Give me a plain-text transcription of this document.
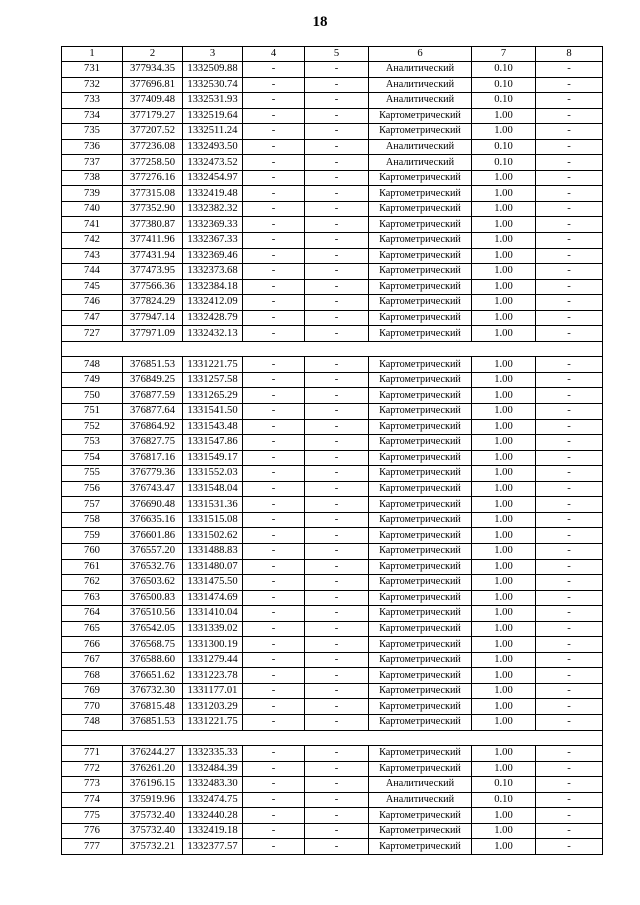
18
1	2	3	4	5	6	7	8
731	377934.35	1332509.88	-	-	Аналитический	0.10	-
732	377696.81	1332530.74	-	-	Аналитический	0.10	-
733	377409.48	1332531.93	-	-	Аналитический	0.10	-
734	377179.27	1332519.64	-	-	Картометрический	1.00	-
735	377207.52	1332511.24	-	-	Картометрический	1.00	-
736	377236.08	1332493.50	-	-	Аналитический	0.10	-
737	377258.50	1332473.52	-	-	Аналитический	0.10	-
738	377276.16	1332454.97	-	-	Картометрический	1.00	-
739	377315.08	1332419.48	-	-	Картометрический	1.00	-
740	377352.90	1332382.32	-	-	Картометрический	1.00	-
741	377380.87	1332369.33	-	-	Картометрический	1.00	-
742	377411.96	1332367.33	-	-	Картометрический	1.00	-
743	377431.94	1332369.46	-	-	Картометрический	1.00	-
744	377473.95	1332373.68	-	-	Картометрический	1.00	-
745	377566.36	1332384.18	-	-	Картометрический	1.00	-
746	377824.29	1332412.09	-	-	Картометрический	1.00	-
747	377947.14	1332428.79	-	-	Картометрический	1.00	-
727	377971.09	1332432.13	-	-	Картометрический	1.00	-

748	376851.53	1331221.75	-	-	Картометрический	1.00	-
749	376849.25	1331257.58	-	-	Картометрический	1.00	-
750	376877.59	1331265.29	-	-	Картометрический	1.00	-
751	376877.64	1331541.50	-	-	Картометрический	1.00	-
752	376864.92	1331543.48	-	-	Картометрический	1.00	-
753	376827.75	1331547.86	-	-	Картометрический	1.00	-
754	376817.16	1331549.17	-	-	Картометрический	1.00	-
755	376779.36	1331552.03	-	-	Картометрический	1.00	-
756	376743.47	1331548.04	-	-	Картометрический	1.00	-
757	376690.48	1331531.36	-	-	Картометрический	1.00	-
758	376635.16	1331515.08	-	-	Картометрический	1.00	-
759	376601.86	1331502.62	-	-	Картометрический	1.00	-
760	376557.20	1331488.83	-	-	Картометрический	1.00	-
761	376532.76	1331480.07	-	-	Картометрический	1.00	-
762	376503.62	1331475.50	-	-	Картометрический	1.00	-
763	376500.83	1331474.69	-	-	Картометрический	1.00	-
764	376510.56	1331410.04	-	-	Картометрический	1.00	-
765	376542.05	1331339.02	-	-	Картометрический	1.00	-
766	376568.75	1331300.19	-	-	Картометрический	1.00	-
767	376588.60	1331279.44	-	-	Картометрический	1.00	-
768	376651.62	1331223.78	-	-	Картометрический	1.00	-
769	376732.30	1331177.01	-	-	Картометрический	1.00	-
770	376815.48	1331203.29	-	-	Картометрический	1.00	-
748	376851.53	1331221.75	-	-	Картометрический	1.00	-

771	376244.27	1332335.33	-	-	Картометрический	1.00	-
772	376261.20	1332484.39	-	-	Картометрический	1.00	-
773	376196.15	1332483.30	-	-	Аналитический	0.10	-
774	375919.96	1332474.75	-	-	Аналитический	0.10	-
775	375732.40	1332440.28	-	-	Картометрический	1.00	-
776	375732.40	1332419.18	-	-	Картометрический	1.00	-
777	375732.21	1332377.57	-	-	Картометрический	1.00	-
